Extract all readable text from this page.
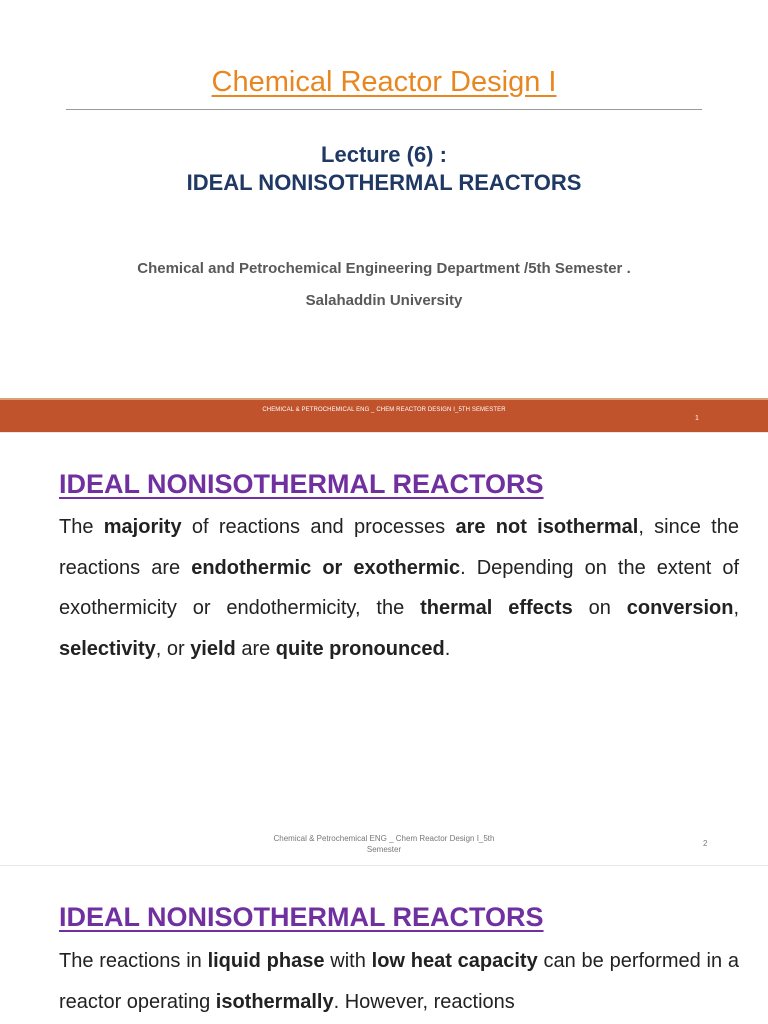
Chemical Reactor Design I
Lecture (6) :
IDEAL NONISOTHERMAL REACTORS
Chemical and Petrochemical Engineering Department /5th Semester .
Salahaddin University
CHEMICAL & PETROCHEMICAL ENG _ CHEM REACTOR DESIGN I_5TH SEMESTER
1
IDEAL NONISOTHERMAL REACTORS
The majority of reactions and processes are not isothermal, since the reactions are endothermic or exothermic. Depending on the extent of exothermicity or endothermicity, the thermal effects on conversion, selectivity, or yield are quite pronounced.
Chemical & Petrochemical ENG _ Chem Reactor Design I_5th
Semester
2
IDEAL NONISOTHERMAL REACTORS
The reactions in liquid phase with low heat capacity can be performed in a reactor operating isothermally. However, reactions
